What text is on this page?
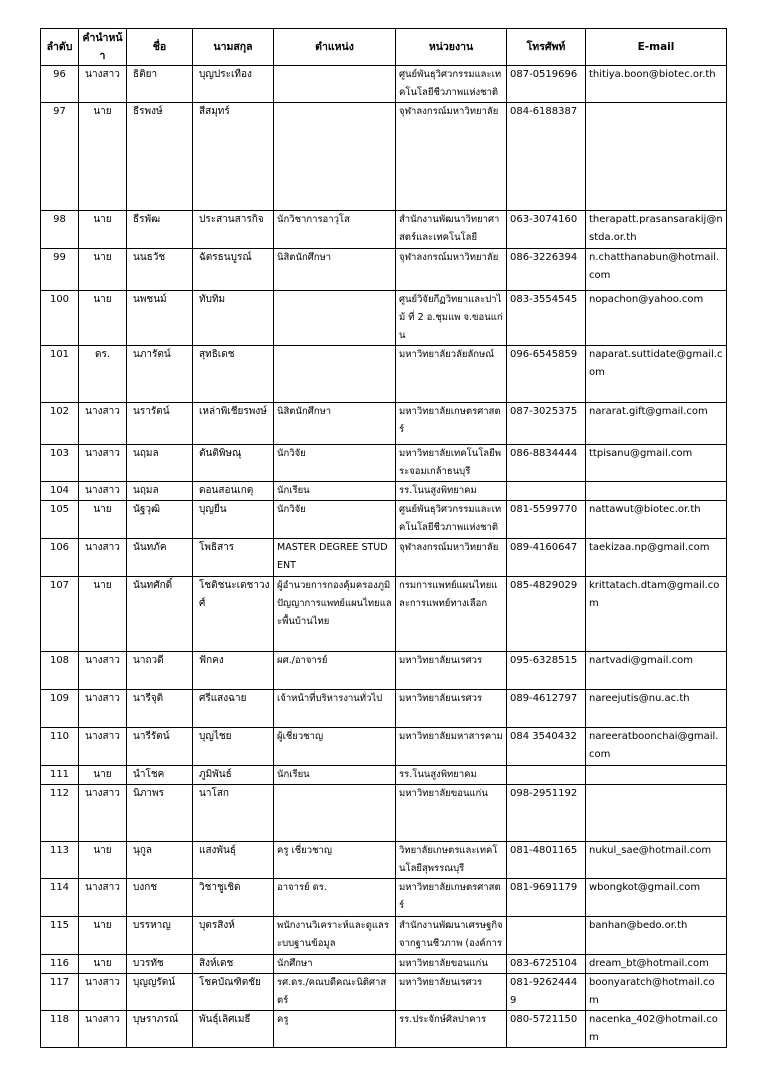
ลำดับ	คำนำหน้า	ชื่อ	นามสกุล	ตำแหน่ง	หน่วยงาน	โทรศัพท์	E-mail
96	นางสาว	ธิติยา	บุญประเทือง		ศูนย์พันธุวิศวกรรมและเทคโนโลยีชีวภาพแห่งชาติ	087-0519696	thitiya.boon@biotec.or.th
97	นาย	ธีรพงษ์	สีสมุทร์		จุฬาลงกรณ์มหาวิทยาลัย	084-6188387	
98	นาย	ธีรพัฒ	ประสานสารกิจ	นักวิชาการอาวุโส	สำนักงานพัฒนาวิทยาศาสตร์และเทคโนโลยี	063-3074160	therapatt.prasansarakij@nstda.or.th
99	นาย	นนธวัช	ฉัตรธนบูรณ์	นิสิตนักศึกษา	จุฬาลงกรณ์มหาวิทยาลัย	086-3226394	n.chatthanabun@hotmail.com
100	นาย	นพชนม์	ทับทิม		ศูนย์วิจัยกีฏวิทยาและปาไม้ ที่ 2 อ.ชุมแพ จ.ขอนแก่น	083-3554545	nopachon@yahoo.com
101	ดร.	นภารัตน์	สุทธิเดช		มหาวิทยาลัยวลัยลักษณ์	096-6545859	naparat.suttidate@gmail.com
102	นางสาว	นรารัตน์	เหล่าพิเชียรพงษ์	นิสิตนักศึกษา	มหาวิทยาลัยเกษตรศาสตร์	087-3025375	nararat.gift@gmail.com
103	นางสาว	นฤมล	ตันติพิษณุ	นักวิจัย	มหาวิทยาลัยเทคโนโลยีพระจอมเกล้าธนบุรี	086-8834444	ttpisanu@gmail.com
104	นางสาว	นฤมล	ดอนสอนเกตุ	นักเรียน	รร.โนนสูงพิทยาคม		
105	นาย	นัฐวุฒิ	บุญยืน	นักวิจัย	ศูนย์พันธุวิศวกรรมและเทคโนโลยีชีวภาพแห่งชาติ	081-5599770	nattawut@biotec.or.th
106	นางสาว	นันทภัค	โพธิสาร	MASTER DEGREE STUDENT	จุฬาลงกรณ์มหาวิทยาลัย	089-4160647	taekizaa.np@gmail.com
107	นาย	นันทศักดิ์	โชติชนะเดชาวงศ์	ผู้อำนวยการกองคุ้มครองภูมิปัญญาการแพทย์แผนไทยและพื้นบ้านไทย	กรมการแพทย์แผนไทยและการแพทย์ทางเลือก	085-4829029	krittatach.dtam@gmail.com
108	นางสาว	นาถวดี	ฟักคง	ผศ./อาจารย์	มหาวิทยาลัยนเรศวร	095-6328515	nartvadi@gmail.com
109	นางสาว	นารีจุติ	ศรีแสงฉาย	เจ้าหน้าที่บริหารงานทั่วไป	มหาวิทยาลัยนเรศวร	089-4612797	nareejutis@nu.ac.th
110	นางสาว	นารีรัตน์	บุญไชย	ผู้เชี่ยวชาญ	มหาวิทยาลัยมหาสารคาม	084 3540432	nareeratboonchai@gmail.com
111	นาย	นำโชค	ภูมิพันธ์	นักเรียน	รร.โนนสูงพิทยาคม		
112	นางสาว	นิภาพร	นาโสก		มหาวิทยาลัยขอนแก่น	098-2951192	
113	นาย	นุกูล	แสงพันธุ์	ครู เชี่ยวชาญ	วิทยาลัยเกษตรและเทคโนโลยีสุพรรณบุรี	081-4801165	nukul_sae@hotmail.com
114	นางสาว	บงกช	วิชาชูเชิด	อาจารย์ ดร.	มหาวิทยาลัยเกษตรศาสตร์	081-9691179	wbongkot@gmail.com
115	นาย	บรรหาญ	บุตรสิงห์	พนักงานวิเคราะห์และดูแลระบบฐานข้อมูล	สำนักงานพัฒนาเศรษฐกิจจากฐานชีวภาพ (องค์การ		banhan@bedo.or.th
116	นาย	บวรทัช	สิงห์เดช	นักศึกษา	มหาวิทยาลัยขอนแก่น	083-6725104	dream_bt@hotmail.com
117	นางสาว	บุญญรัตน์	โชคบัณฑิตชัย	รศ.ดร./คณบดีคณะนิติศาสตร์	มหาวิทยาลัยนเรศวร	081-92624449	boonyaratch@hotmail.com
118	นางสาว	บุษราภรณ์	พันธุ์เลิศเมธี	ครู	รร.ประจักษ์ศิลปาคาร	080-5721150	nacenka_402@hotmail.com
